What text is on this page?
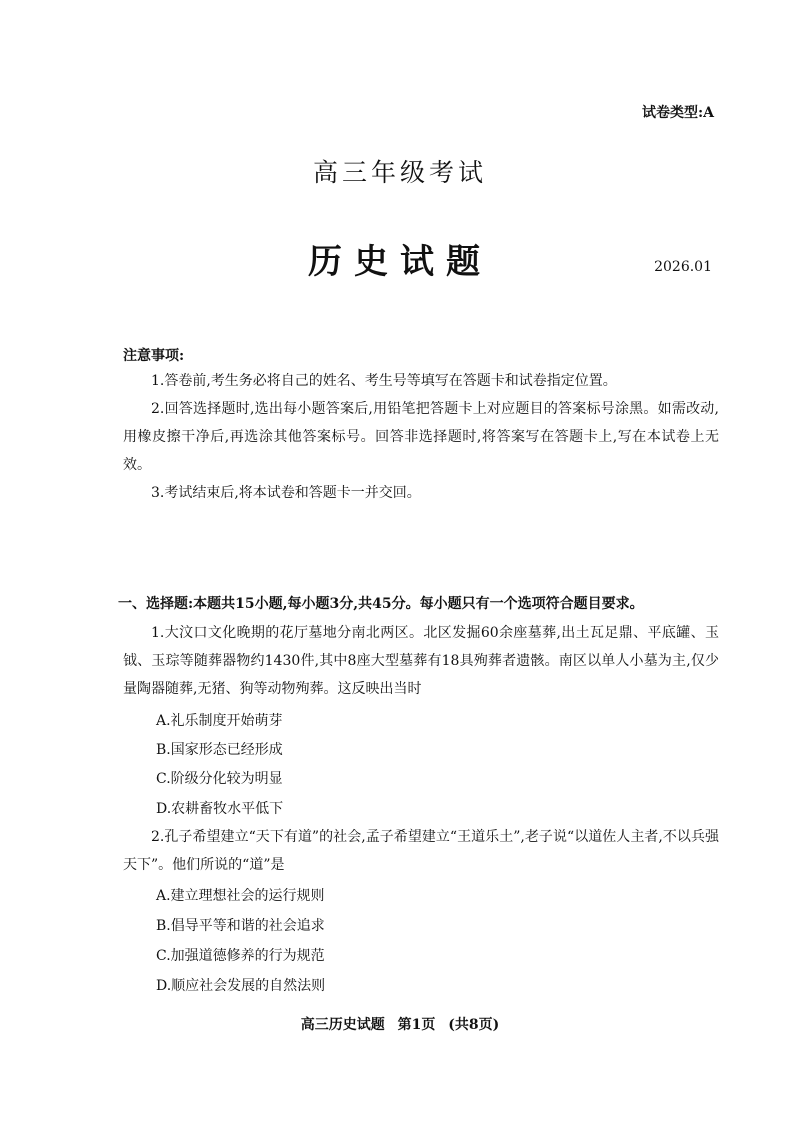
试卷类型:A
高三年级考试
历史试题	2026.01
注意事项:
1.答卷前,考生务必将自己的姓名、考生号等填写在答题卡和试卷指定位置。
2.回答选择题时,选出每小题答案后,用铅笔把答题卡上对应题目的答案标号涂黑。如需改动,用橡皮擦干净后,再选涂其他答案标号。回答非选择题时,将答案写在答题卡上,写在本试卷上无效。
3.考试结束后,将本试卷和答题卡一并交回。
一、选择题:本题共15小题,每小题3分,共45分。每小题只有一个选项符合题目要求。
1.大汶口文化晚期的花厅墓地分南北两区。北区发掘60余座墓葬,出土瓦足鼎、平底罐、玉钺、玉琮等随葬器物约1430件,其中8座大型墓葬有18具殉葬者遗骸。南区以单人小墓为主,仅少量陶器随葬,无猪、狗等动物殉葬。这反映出当时
A.礼乐制度开始萌芽
B.国家形态已经形成
C.阶级分化较为明显
D.农耕畜牧水平低下
2.孔子希望建立“天下有道”的社会,孟子希望建立“王道乐土”,老子说“以道佐人主者,不以兵强天下”。他们所说的“道”是
A.建立理想社会的运行规则
B.倡导平等和谐的社会追求
C.加强道德修养的行为规范
D.顺应社会发展的自然法则
高三历史试题 第1页 (共8页)
